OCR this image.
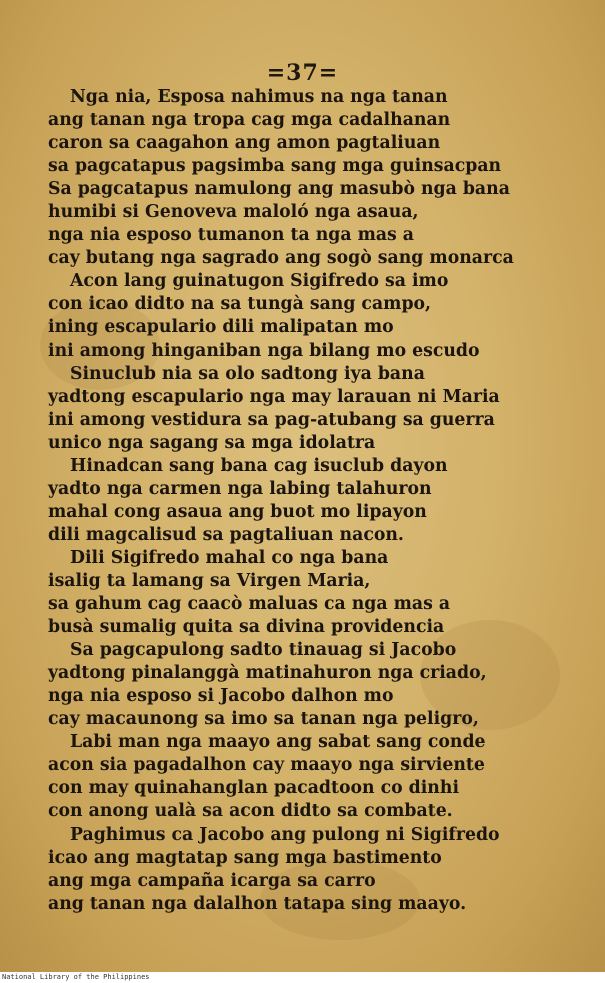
=37=
Nga nia, Esposa nahimus na nga tanan
ang tanan nga tropa cag mga cadalhanan
caron sa caagahon ang amon pagtaliuan
sa pagcatapus pagsimba sang mga guinsacpan
Sa pagcatapus namulong ang masubò nga bana
humibi si Genoveva maloló nga asaua,
nga nia esposo tumanon ta nga mas a
cay butang nga sagrado ang sogò sang monarca
Acon lang guinatugon Sigifredo sa imo
con icao didto na sa tungà sang campo,
ining escapulario dili malipatan mo
ini among hinganiban nga bilang mo escudo
Sinuclub nia sa olo sadtong iya bana
yadtong escapulario nga may larauan ni Maria
ini among vestidura sa pag-atubang sa guerra
unico nga sagang sa mga idolatra
Hinadcan sang bana cag isuclub dayon
yadto nga carmen nga labing talahuron
mahal cong asaua ang buot mo lipayon
dili magcalisud sa pagtaliuan nacon.
Dili Sigifredo mahal co nga bana
isalig ta lamang sa Virgen Maria,
sa gahum cag caacò maluas ca nga mas a
busà sumalig quita sa divina providencia
Sa pagcapulong sadto tinauag si Jacobo
yadtong pinalanggà matinahuron nga criado,
nga nia esposo si Jacobo dalhon mo
cay macaunong sa imo sa tanan nga peligro,
Labi man nga maayo ang sabat sang conde
acon sia pagadalhon cay maayo nga sirviente
con may quinahanglan pacadtoon co dinhi
con anong ualà sa acon didto sa combate.
Paghimus ca Jacobo ang pulong ni Sigifredo
icao ang magtatap sang mga bastimento
ang mga campaña icarga sa carro
ang tanan nga dalalhon tatapa sing maayo.
National Library of the Philippines
